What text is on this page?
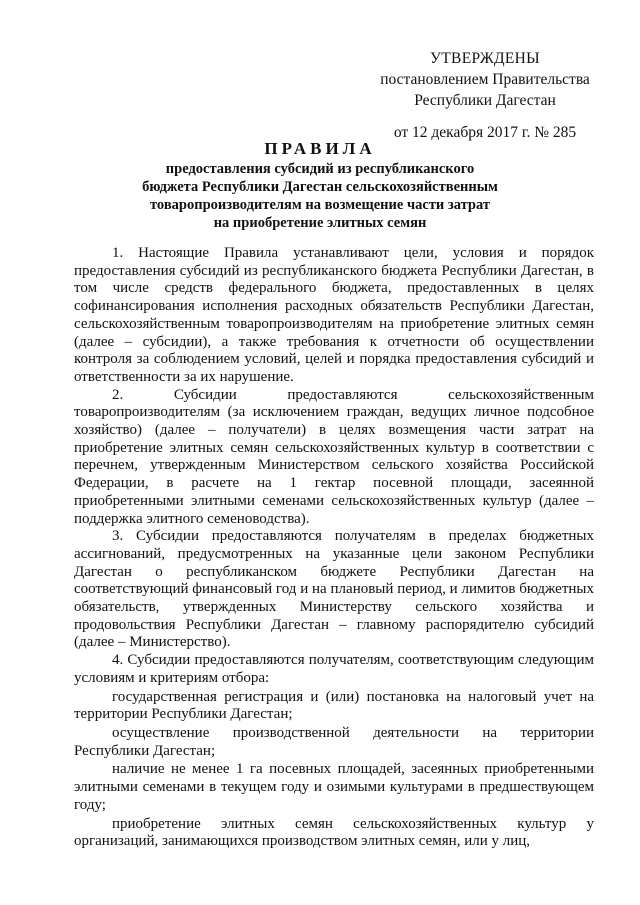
УТВЕРЖДЕНЫ
постановлением Правительства
Республики Дагестан
от 12 декабря 2017 г. № 285
ПРАВИЛА
предоставления субсидий из республиканского
бюджета Республики Дагестан сельскохозяйственным
товаропроизводителям на возмещение части затрат
на приобретение элитных семян

1. Настоящие Правила устанавливают цели, условия и порядок предоставления субсидий из республиканского бюджета Республики Дагестан, в том числе средств федерального бюджета, предоставленных в целях софинансирования исполнения расходных обязательств Республики Дагестан, сельскохозяйственным товаропроизводителям на приобретение элитных семян (далее – субсидии), а также требования к отчетности об осуществлении контроля за соблюдением условий, целей и порядка предоставления субсидий и ответственности за их нарушение.

2. Субсидии предоставляются сельскохозяйственным товаропроизводителям (за исключением граждан, ведущих личное подсобное хозяйство) (далее – получатели) в целях возмещения части затрат на приобретение элитных семян сельскохозяйственных культур в соответствии с перечнем, утвержденным Министерством сельского хозяйства Российской Федерации, в расчете на 1 гектар посевной площади, засеянной приобретенными элитными семенами сельскохозяйственных культур (далее – поддержка элитного семеноводства).

3. Субсидии предоставляются получателям в пределах бюджетных ассигнований, предусмотренных на указанные цели законом Республики Дагестан о республиканском бюджете Республики Дагестан на соответствующий финансовый год и на плановый период, и лимитов бюджетных обязательств, утвержденных Министерству сельского хозяйства и продовольствия Республики Дагестан – главному распорядителю субсидий (далее – Министерство).

4. Субсидии предоставляются получателям, соответствующим следующим условиям и критериям отбора:

государственная регистрация и (или) постановка на налоговый учет на территории Республики Дагестан;

осуществление производственной деятельности на территории Республики Дагестан;

наличие не менее 1 га посевных площадей, засеянных приобретенными элитными семенами в текущем году и озимыми культурами в предшествующем году;

приобретение элитных семян сельскохозяйственных культур у организаций, занимающихся производством элитных семян, или у лиц,
